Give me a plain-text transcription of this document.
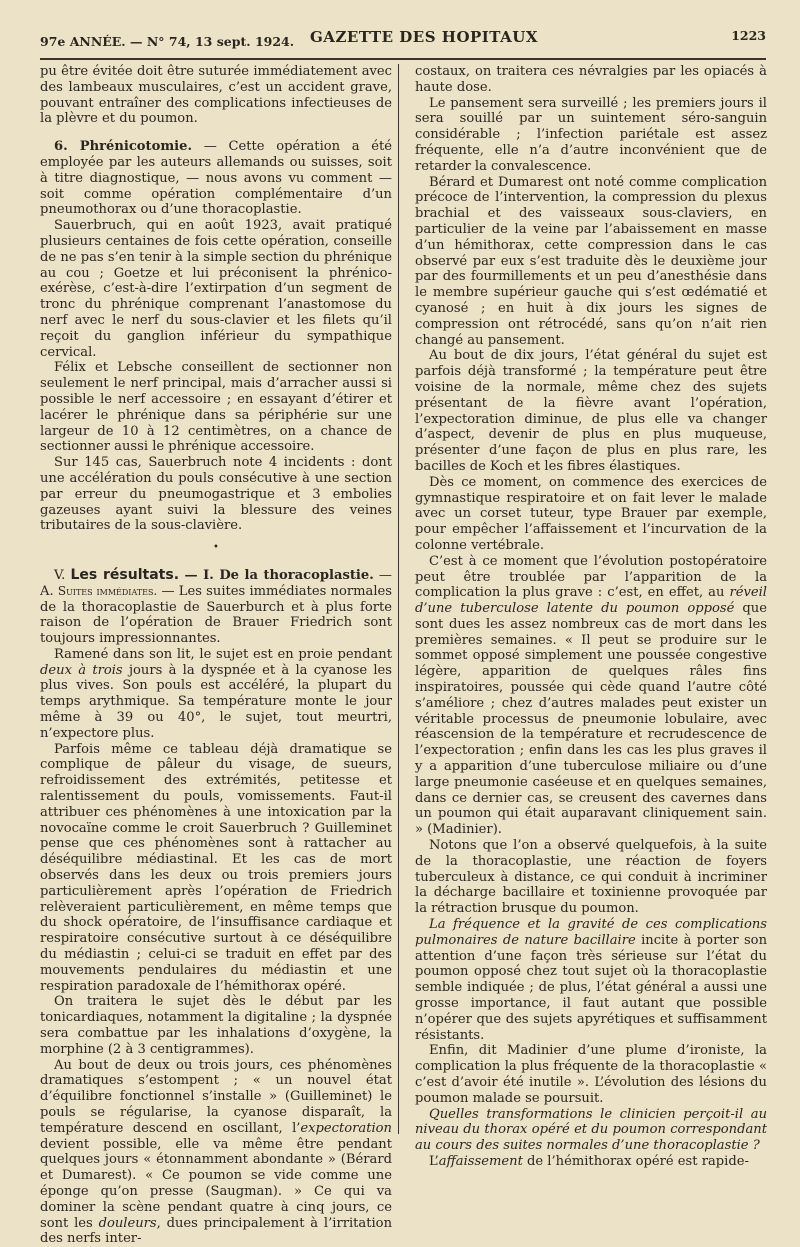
97e ANNÉE. — N° 74, 13 sept. 1924. GAZETTE DES HOPITAUX	1223

pu être évitée doit être suturée immédiatement avec des lambeaux musculaires, c’est un accident grave, pouvant entraîner des complications infectieuses de la plèvre et du poumon.

6. Phrénicotomie. — Cette opération a été employée par les auteurs allemands ou suisses, soit à titre diagnostique, — nous avons vu comment — soit comme opération complémentaire d’un pneumothorax ou d’une thoracoplastie.

Sauerbruch, qui en août 1923, avait pratiqué plusieurs centaines de fois cette opération, conseille de ne pas s’en tenir à la simple section du phrénique au cou ; Goetze et lui préconisent la phrénico-exérèse, c’est-à-dire l’extirpation d’un segment de tronc du phrénique comprenant l’anastomose du nerf avec le nerf du sous-clavier et les filets qu’il reçoit du ganglion inférieur du sympathique cervical.

Félix et Lebsche conseillent de sectionner non seulement le nerf principal, mais d’arracher aussi si possible le nerf accessoire ; en essayant d’étirer et lacérer le phrénique dans sa périphérie sur une largeur de 10 à 12 centimètres, on a chance de sectionner aussi le phrénique accessoire.

Sur 145 cas, Sauerbruch note 4 incidents : dont une accélération du pouls consécutive à une section par erreur du pneumogastrique et 3 embolies gazeuses ayant suivi la blessure des veines tributaires de la sous-clavière.

•

V. Les résultats. — I. De la thoracoplastie. — A. Suites immédiates. — Les suites immédiates normales de la thoracoplastie de Sauerburch et à plus forte raison de l’opération de Brauer Friedrich sont toujours impressionnantes.

Ramené dans son lit, le sujet est en proie pendant deux à trois jours à la dyspnée et à la cyanose les plus vives. Son pouls est accéléré, la plupart du temps arythmique. Sa température monte le jour même à 39 ou 40°, le sujet, tout meurtri, n’expectore plus.

Parfois même ce tableau déjà dramatique se complique de pâleur du visage, de sueurs, refroidissement des extrémités, petitesse et ralentissement du pouls, vomissements. Faut-il attribuer ces phénomènes à une intoxication par la novocaïne comme le croit Sauerbruch ? Guilleminet pense que ces phénomènes sont à rattacher au déséquilibre médiastinal. Et les cas de mort observés dans les deux ou trois premiers jours particulièrement après l’opération de Friedrich relèveraient particulièrement, en même temps que du shock opératoire, de l’insuffisance cardiaque et respiratoire consécutive surtout à ce déséquilibre du médiastin ; celui-ci se traduit en effet par des mouvements pendulaires du médiastin et une respiration paradoxale de l’hémithorax opéré.

On traitera le sujet dès le début par les tonicardiaques, notamment la digitaline ; la dyspnée sera combattue par les inhalations d’oxygène, la morphine (2 à 3 centigrammes).

Au bout de deux ou trois jours, ces phénomènes dramatiques s’estompent ; « un nouvel état d’équilibre fonctionnel s’installe » (Guilleminet) le pouls se régularise, la cyanose disparaît, la température descend en oscillant, l’expectoration devient possible, elle va même être pendant quelques jours « étonnamment abondante » (Bérard et Dumarest). « Ce poumon se vide comme une éponge qu’on presse (Saugman). » Ce qui va dominer la scène pendant quatre à cinq jours, ce sont les douleurs, dues principalement à l’irritation des nerfs inter-

costaux, on traitera ces névralgies par les opiacés à haute dose.

Le pansement sera surveillé ; les premiers jours il sera souillé par un suintement séro-sanguin considérable ; l’infection pariétale est assez fréquente, elle n’a d’autre inconvénient que de retarder la convalescence.

Bérard et Dumarest ont noté comme complication précoce de l’intervention, la compression du plexus brachial et des vaisseaux sous-claviers, en particulier de la veine par l’abaissement en masse d’un hémithorax, cette compression dans le cas observé par eux s’est traduite dès le deuxième jour par des fourmillements et un peu d’anesthésie dans le membre supérieur gauche qui s’est œdématié et cyanosé ; en huit à dix jours les signes de compression ont rétrocédé, sans qu’on n’ait rien changé au pansement.

Au bout de dix jours, l’état général du sujet est parfois déjà transformé ; la température peut être voisine de la normale, même chez des sujets présentant de la fièvre avant l’opération, l’expectoration diminue, de plus elle va changer d’aspect, devenir de plus en plus muqueuse, présenter d’une façon de plus en plus rare, les bacilles de Koch et les fibres élastiques.

Dès ce moment, on commence des exercices de gymnastique respiratoire et on fait lever le malade avec un corset tuteur, type Brauer par exemple, pour empêcher l’affaissement et l’incurvation de la colonne vertébrale.

C’est à ce moment que l’évolution postopératoire peut être troublée par l’apparition de la complication la plus grave : c’est, en effet, au réveil d’une tuberculose latente du poumon opposé que sont dues les assez nombreux cas de mort dans les premières semaines. « Il peut se produire sur le sommet opposé simplement une poussée congestive légère, apparition de quelques râles fins inspiratoires, poussée qui cède quand l’autre côté s’améliore ; chez d’autres malades peut exister un véritable processus de pneumonie lobulaire, avec réascension de la température et recrudescence de l’expectoration ; enfin dans les cas les plus graves il y a apparition d’une tuberculose miliaire ou d’une large pneumonie caséeuse et en quelques semaines, dans ce dernier cas, se creusent des cavernes dans un poumon qui était auparavant cliniquement sain. » (Madinier).

Notons que l’on a observé quelquefois, à la suite de la thoracoplastie, une réaction de foyers tuberculeux à distance, ce qui conduit à incriminer la décharge bacillaire et toxinienne provoquée par la rétraction brusque du poumon.

La fréquence et la gravité de ces complications pulmonaires de nature bacillaire incite à porter son attention d’une façon très sérieuse sur l’état du poumon opposé chez tout sujet où la thoracoplastie semble indiquée ; de plus, l’état général a aussi une grosse importance, il faut autant que possible n’opérer que des sujets apyrétiques et suffisamment résistants.

Enfin, dit Madinier d’une plume d’ironiste, la complication la plus fréquente de la thoracoplastie « c’est d’avoir été inutile ». L’évolution des lésions du poumon malade se poursuit.

Quelles transformations le clinicien perçoit-il au niveau du thorax opéré et du poumon correspondant au cours des suites normales d’une thoracoplastie ?

L’affaissement de l’hémithorax opéré est rapide-
